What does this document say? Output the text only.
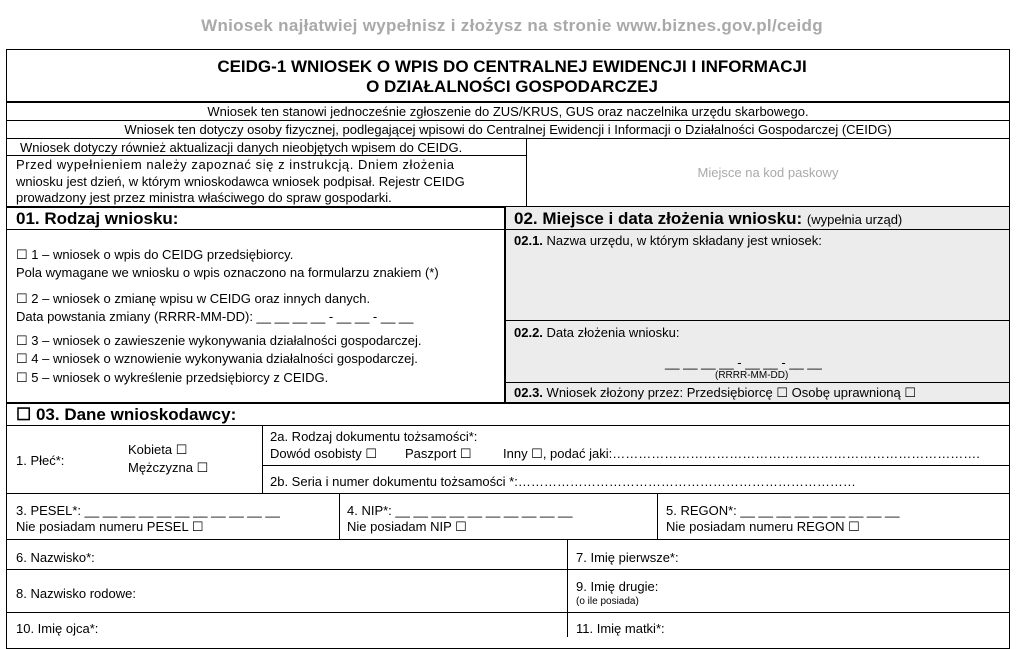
Wniosek najłatwiej wypełnisz i złożysz na stronie www.biznes.gov.pl/ceidg
CEIDG-1 WNIOSEK O WPIS DO CENTRALNEJ EWIDENCJI I INFORMACJI
O DZIAŁALNOŚCI GOSPODARCZEJ
Wniosek ten stanowi jednocześnie zgłoszenie do ZUS/KRUS, GUS oraz naczelnika urzędu skarbowego.
Wniosek ten dotyczy osoby fizycznej, podlegającej wpisowi do Centralnej Ewidencji i Informacji o Działalności Gospodarczej (CEIDG)
Wniosek dotyczy również aktualizacji danych nieobjętych wpisem do CEIDG.
Przed wypełnieniem należy zapoznać się z instrukcją. Dniem złożenia
wniosku jest dzień, w którym wnioskodawca wniosek podpisał. Rejestr CEIDG
prowadzony jest przez ministra właściwego do spraw gospodarki.
Miejsce na kod paskowy
01. Rodzaj wniosku:
☐ 1 – wniosek o wpis do CEIDG przedsiębiorcy.
Pola wymagane we wniosku o wpis oznaczono na formularzu znakiem (*)
☐ 2 – wniosek o zmianę wpisu w CEIDG oraz innych danych.
Data powstania zmiany (RRRR-MM-DD): __ __ __ __ - __ __ - __ __
☐ 3 – wniosek o zawieszenie wykonywania działalności gospodarczej.
☐ 4 – wniosek o wznowienie wykonywania działalności gospodarczej.
☐ 5 – wniosek o wykreślenie przedsiębiorcy z CEIDG.
02. Miejsce i data złożenia wniosku: (wypełnia urząd)
02.1. Nazwa urzędu, w którym składany jest wniosek:
02.2. Data złożenia wniosku:
__ __ __ __ - __ __ - __ __
(RRRR-MM-DD)
02.3. Wniosek złożony przez: Przedsiębiorcę ☐ Osobę uprawnioną ☐
☐ 03. Dane wnioskodawcy:
1. Płeć*:
Kobieta ☐
Mężczyzna ☐
2a. Rodzaj dokumentu tożsamości*:
Dowód osobisty ☐ Paszport ☐ Inny ☐, podać jaki:………………………………………………………………………….
2b. Seria i numer dokumentu tożsamości *:……………………………………………………………………
3. PESEL*: __ __ __ __ __ __ __ __ __ __ __
Nie posiadam numeru PESEL ☐
4. NIP*: __ __ __ __ __ __ __ __ __ __
Nie posiadam NIP ☐
5. REGON*: __ __ __ __ __ __ __ __ __
Nie posiadam numeru REGON ☐
6. Nazwisko*:	7. Imię pierwsze*:
8. Nazwisko rodowe:	9. Imię drugie:
(o ile posiada)
10. Imię ojca*:	11. Imię matki*:
